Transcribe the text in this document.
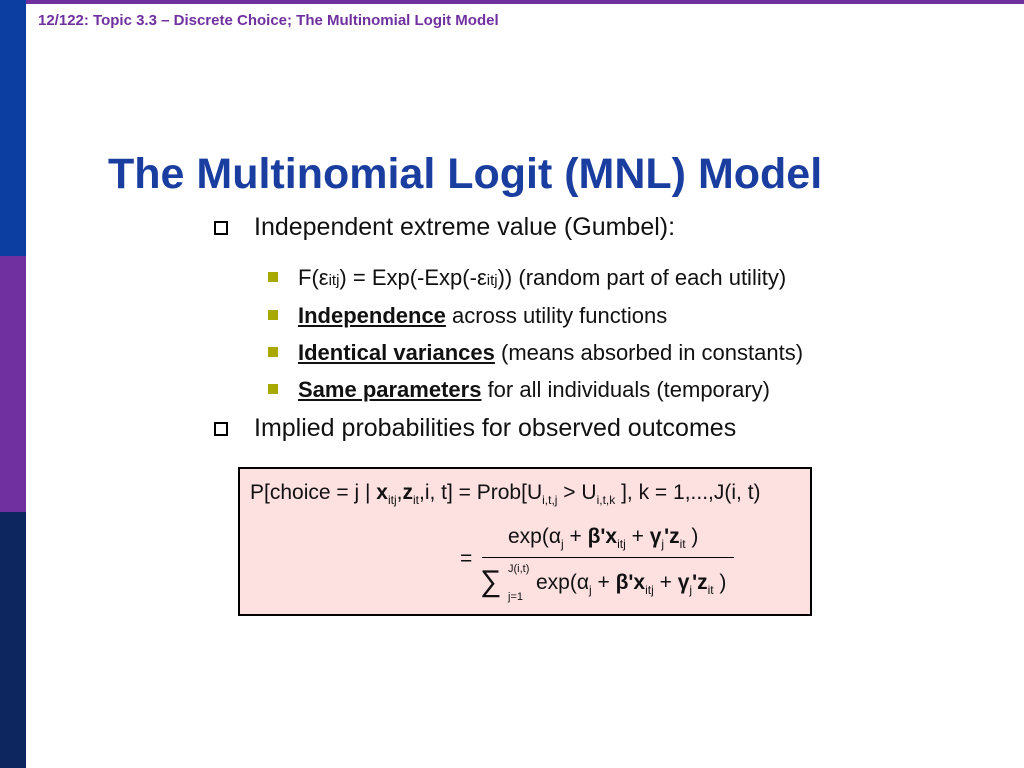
12/122: Topic 3.3 – Discrete Choice; The Multinomial Logit Model
The Multinomial Logit (MNL) Model
Independent extreme value (Gumbel):
F(εitj) = Exp(-Exp(-εitj)) (random part of each utility)
Independence across utility functions
Identical variances (means absorbed in constants)
Same parameters for all individuals (temporary)
Implied probabilities for observed outcomes
P[choice = j | $x_{itj},z_{it},i$, $t] = Prob[U_{i,t,j} > U_{i,t,k}$ ], k = 1,...,J(i, t)
=
$\exp(\alpha_j + \beta'x_{itj} + \gamma_j'z_{it}$ )
∑ J(i,t)
j=1
$\exp(\alpha_j + \beta'x_{itj} + \gamma_j'z_{it}$ )
